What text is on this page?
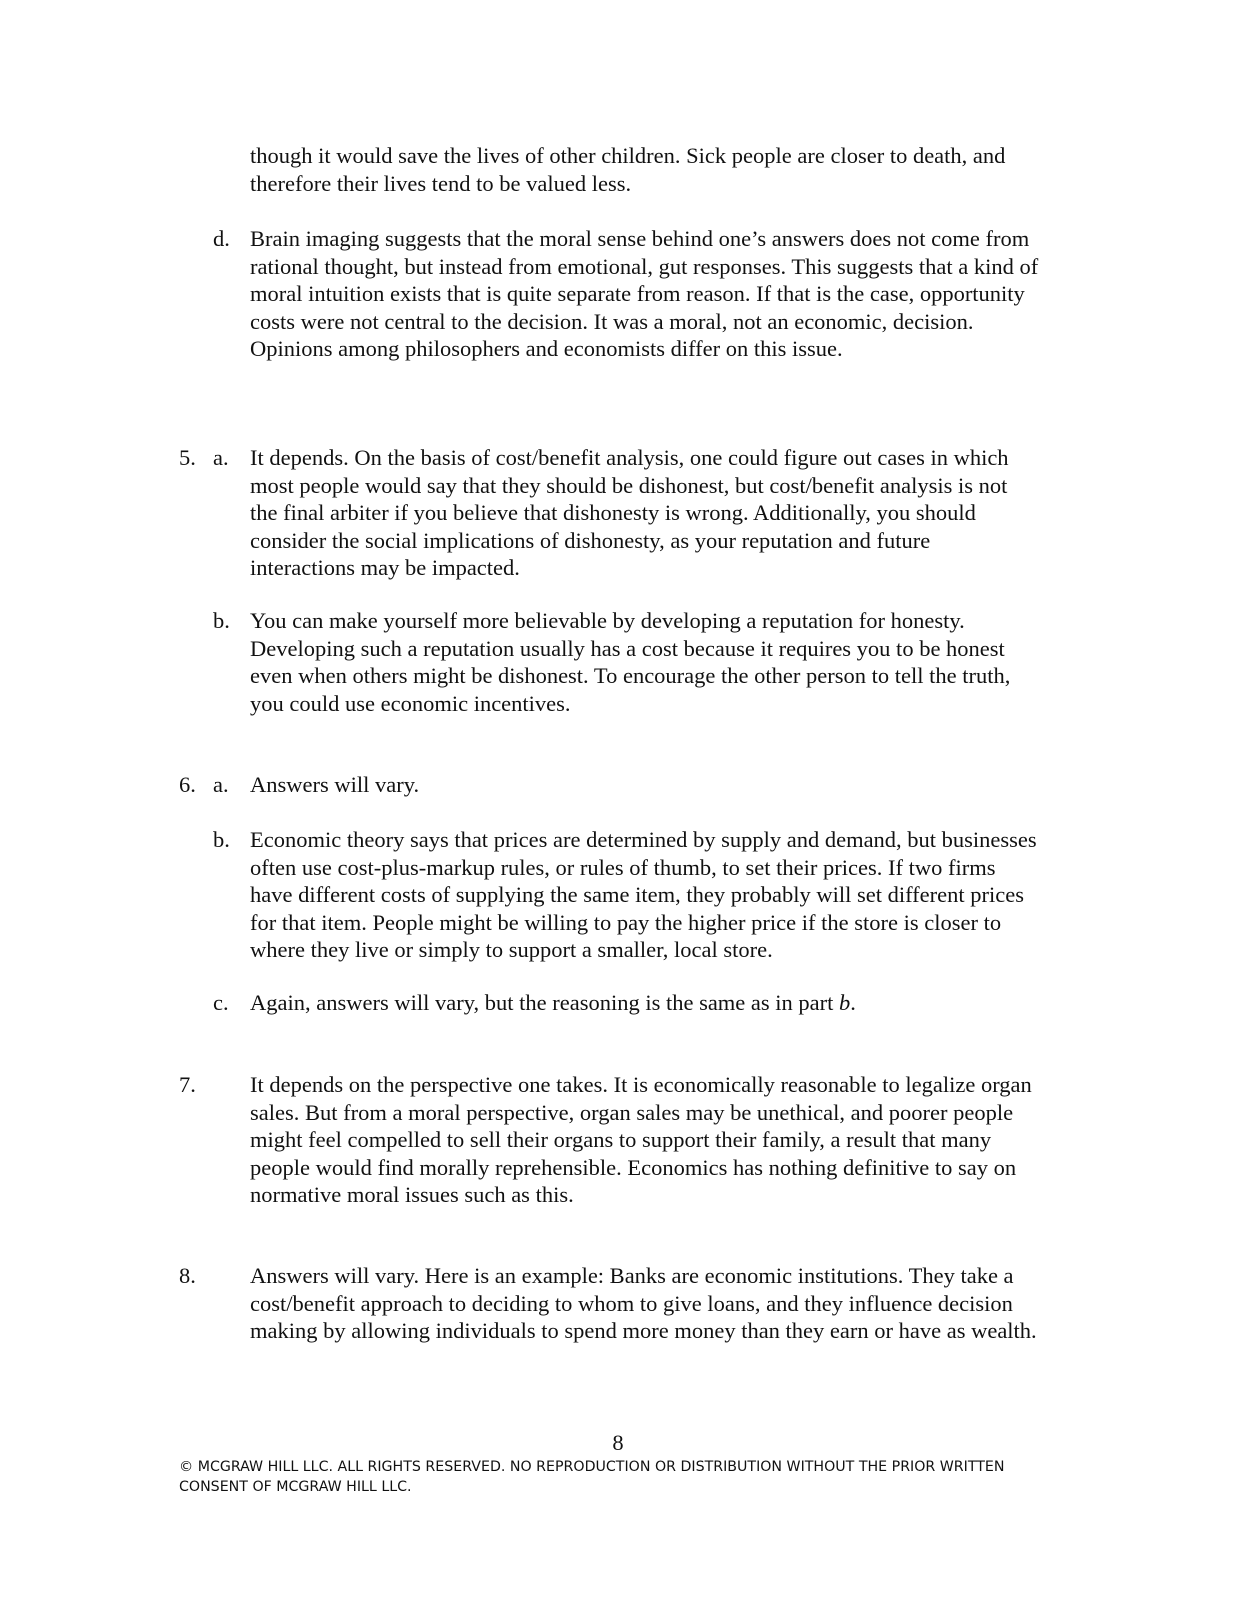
though it would save the lives of other children. Sick people are closer to death, and therefore their lives tend to be valued less.

d. Brain imaging suggests that the moral sense behind one’s answers does not come from rational thought, but instead from emotional, gut responses. This suggests that a kind of moral intuition exists that is quite separate from reason. If that is the case, opportunity costs were not central to the decision. It was a moral, not an economic, decision. Opinions among philosophers and economists differ on this issue.

5. a. It depends. On the basis of cost/benefit analysis, one could figure out cases in which most people would say that they should be dishonest, but cost/benefit analysis is not the final arbiter if you believe that dishonesty is wrong. Additionally, you should consider the social implications of dishonesty, as your reputation and future interactions may be impacted.

b. You can make yourself more believable by developing a reputation for honesty. Developing such a reputation usually has a cost because it requires you to be honest even when others might be dishonest. To encourage the other person to tell the truth, you could use economic incentives.

6. a. Answers will vary.

b. Economic theory says that prices are determined by supply and demand, but businesses often use cost-plus-markup rules, or rules of thumb, to set their prices. If two firms have different costs of supplying the same item, they probably will set different prices for that item. People might be willing to pay the higher price if the store is closer to where they live or simply to support a smaller, local store.

c. Again, answers will vary, but the reasoning is the same as in part b.

7. It depends on the perspective one takes. It is economically reasonable to legalize organ sales. But from a moral perspective, organ sales may be unethical, and poorer people might feel compelled to sell their organs to support their family, a result that many people would find morally reprehensible. Economics has nothing definitive to say on normative moral issues such as this.

8. Answers will vary. Here is an example: Banks are economic institutions. They take a cost/benefit approach to deciding to whom to give loans, and they influence decision making by allowing individuals to spend more money than they earn or have as wealth.

8
© MCGRAW HILL LLC. ALL RIGHTS RESERVED. NO REPRODUCTION OR DISTRIBUTION WITHOUT THE PRIOR WRITTEN CONSENT OF MCGRAW HILL LLC.
